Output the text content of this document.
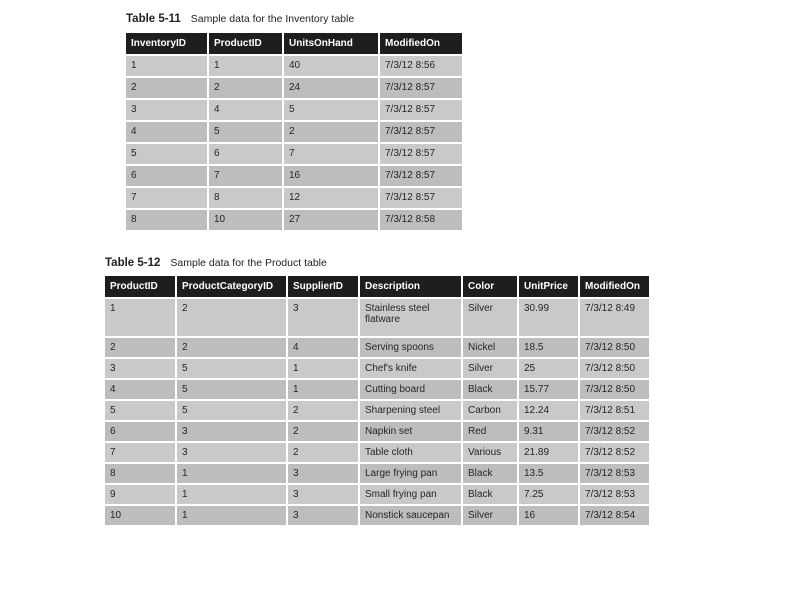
Table 5-11 Sample data for the Inventory table
InventoryID	ProductID	UnitsOnHand	ModifiedOn
1	1	40	7/3/12 8:56
2	2	24	7/3/12 8:57
3	4	5	7/3/12 8:57
4	5	2	7/3/12 8:57
5	6	7	7/3/12 8:57
6	7	16	7/3/12 8:57
7	8	12	7/3/12 8:57
8	10	27	7/3/12 8:58
Table 5-12 Sample data for the Product table
ProductID	ProductCategoryID	SupplierID	Description	Color	UnitPrice	ModifiedOn
1	2	3	Stainless steel flatware	Silver	30.99	7/3/12 8:49
2	2	4	Serving spoons	Nickel	18.5	7/3/12 8:50
3	5	1	Chef's knife	Silver	25	7/3/12 8:50
4	5	1	Cutting board	Black	15.77	7/3/12 8:50
5	5	2	Sharpening steel	Carbon	12.24	7/3/12 8:51
6	3	2	Napkin set	Red	9.31	7/3/12 8:52
7	3	2	Table cloth	Various	21.89	7/3/12 8:52
8	1	3	Large frying pan	Black	13.5	7/3/12 8:53
9	1	3	Small frying pan	Black	7.25	7/3/12 8:53
10	1	3	Nonstick saucepan	Silver	16	7/3/12 8:54
